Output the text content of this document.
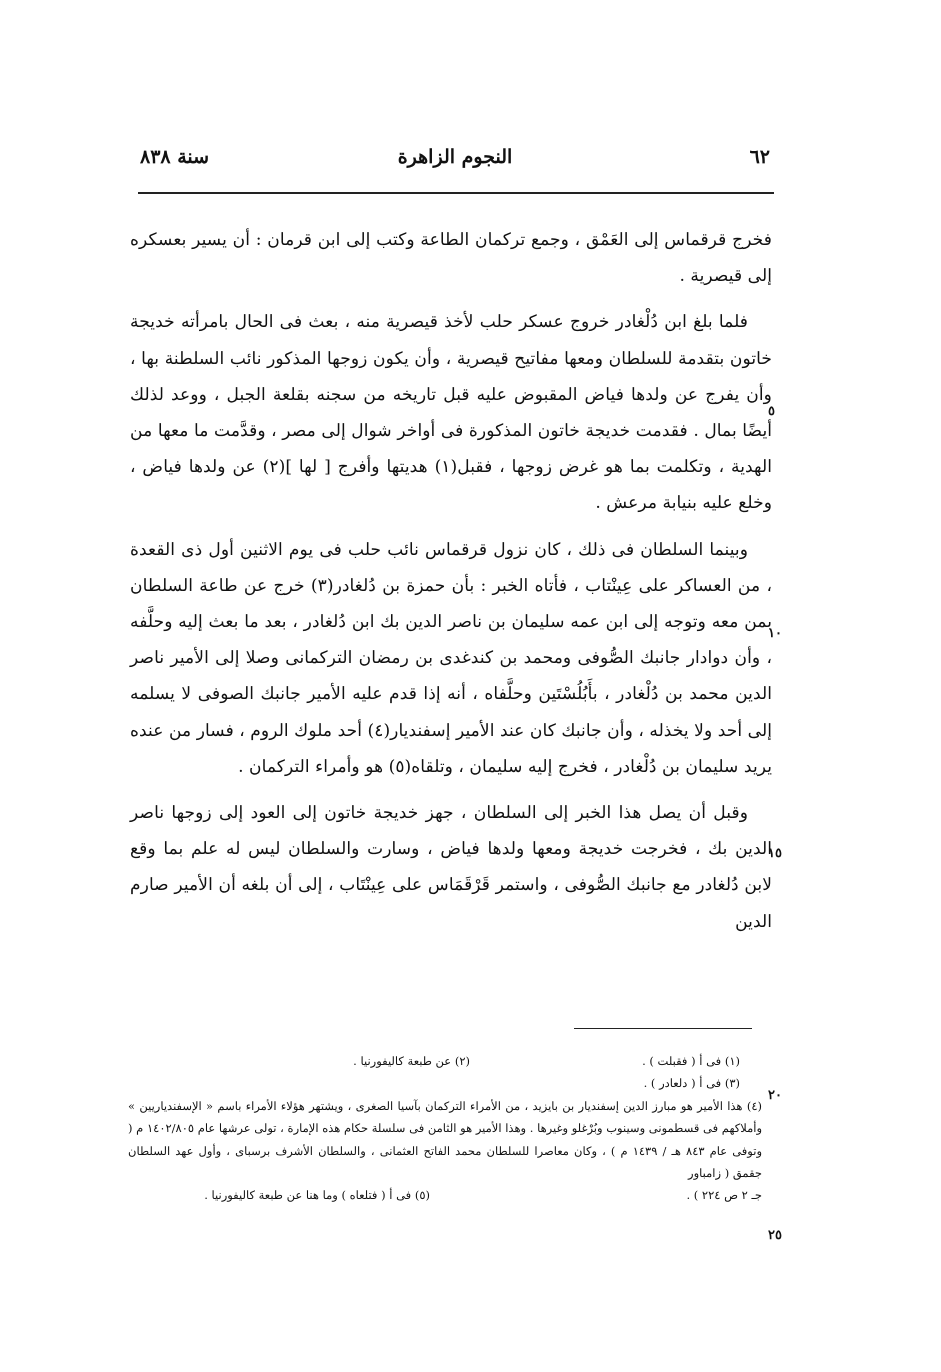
٦٢
النجوم الزاهرة
سنة ٨٣٨

فخرج قرقماس إلى العَمْق ، وجمع تركمان الطاعة وكتب إلى ابن قرمان : أن يسير بعسكره إلى قيصرية .

فلما بلغ ابن دُلْغادر خروج عسكر حلب لأخذ قيصرية منه ، بعث فى الحال بامرأته خديجة خاتون بتقدمة للسلطان ومعها مفاتيح قيصرية ، وأن يكون زوجها المذكور نائب السلطنة بها ، وأن يفرج عن ولدها فياض المقبوض عليه قبل تاريخه من سجنه بقلعة الجبل ، ووعد لذلك أيضًا بمال . فقدمت خديجة خاتون المذكورة فى أواخر شوال إلى مصر ، وقدَّمت ما معها من الهدية ، وتكلمت بما هو غرض زوجها ، فقبل(١) هديتها وأفرج [ لها ](٢) عن ولدها فياض ، وخلع عليه بنيابة مرعش .

وبينما السلطان فى ذلك ، كان نزول قرقماس نائب حلب فى يوم الاثنين أول ذى القعدة ، من العساكر على عِينْتاب ، فأتاه الخبر : بأن حمزة بن دُلغادر(٣) خرج عن طاعة السلطان بمن معه وتوجه إلى ابن عمه سليمان بن ناصر الدين بك ابن دُلغادر ، بعد ما بعث إليه وحلَّفه ، وأن دوادار جانبك الصُّوفى ومحمد بن كندغدى بن رمضان التركمانى وصلا إلى الأمير ناصر الدين محمد بن دُلْغادر ، بأَبُلُسْتَين وحلَّفاه ، أنه إذا قدم عليه الأمير جانبك الصوفى لا يسلمه إلى أحد ولا يخذله ، وأن جانبك كان عند الأمير إسفنديار(٤) أحد ملوك الروم ، فسار من عنده يريد سليمان بن دُلْغادر ، فخرج إليه سليمان ، وتلقاه(٥) هو وأمراء التركمان .

وقبل أن يصل هذا الخبر إلى السلطان ، جهز خديجة خاتون إلى العود إلى زوجها ناصر الدين بك ، فخرجت خديجة ومعها ولدها فياض ، وسارت والسلطان ليس له علم بما وقع لابن دُلغادر مع جانبك الصُّوفى ، واستمر قَرْقَمَاس على عِينْتَاب ، إلى أن بلغه أن الأمير صارم الدين

٥
١٠
١٥
٢٠
٢٥
(١) فى أ ( فقبلت ) .
(٢) عن طبعة كاليفورنيا .
(٣) فى أ ( دلعادر ) .
(٤) هذا الأمير هو مبارز الدين إسفنديار بن بايزيد ، من الأمراء التركمان بآسيا الصغرى ، ويشتهر هؤلاء الأمراء باسم « الإسفندياريين » وأملاكهم فى قسطمونى وسينوب وبُرْغلو وغيرها . وهذا الأمير هو الثامن فى سلسلة حكام هذه الإمارة ، تولى عرشها عام ١٤٠٢/٨٠٥ م ( وتوفى عام ٨٤٣ هـ / ١٤٣٩ م ) ، وكان معاصرا للسلطان محمد الفاتح العثمانى ، والسلطان الأشرف برسباى ، وأول عهد السلطان جقمق ( زامباور
(٥) فى أ ( فتلعاه ) وما هنا عن طبعة كاليفورنيا .	جـ ٢ ص ٢٢٤ ) .
